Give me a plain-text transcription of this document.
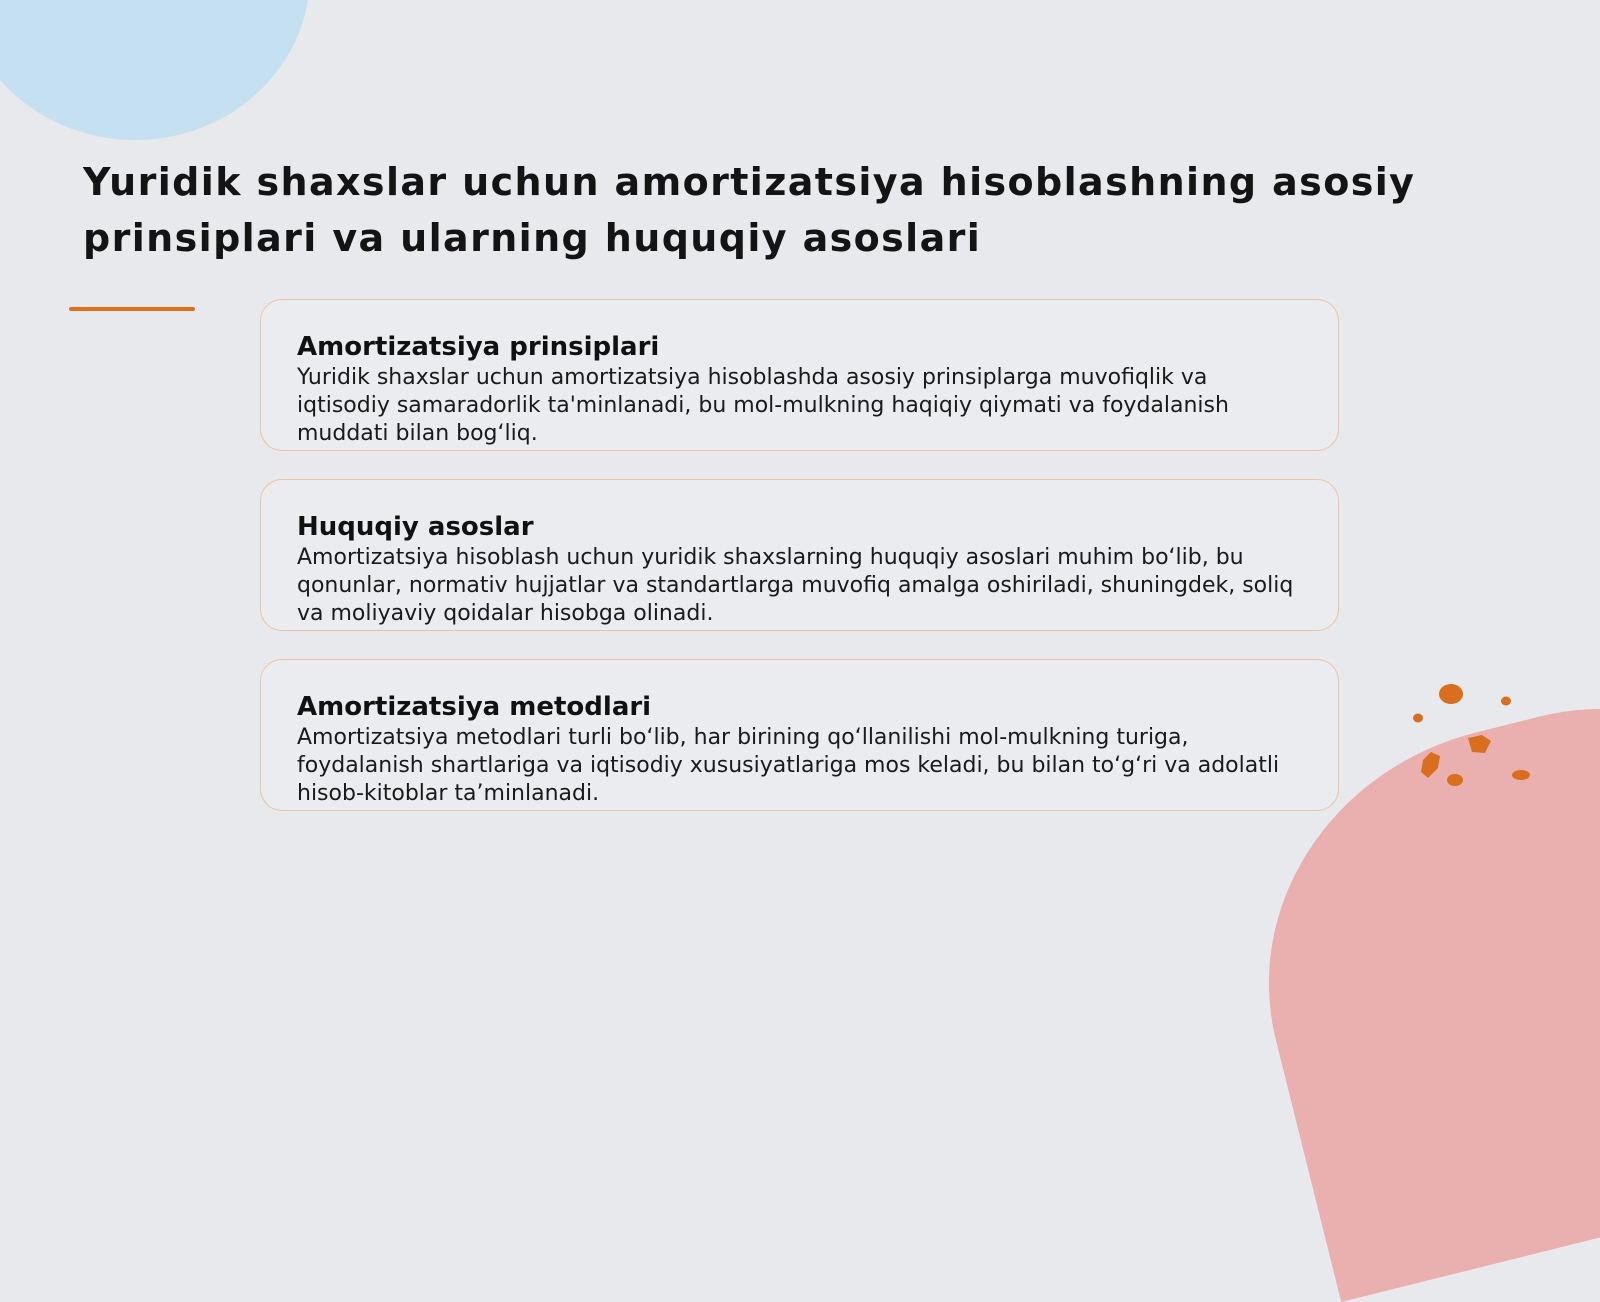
Yuridik shaxslar uchun amortizatsiya hisoblashning asosiy prinsiplari va ularning huquqiy asoslari
Amortizatsiya prinsiplari

Yuridik shaxslar uchun amortizatsiya hisoblashda asosiy prinsiplarga muvofiqlik va iqtisodiy samaradorlik ta'minlanadi, bu mol-mulkning haqiqiy qiymati va foydalanish muddati bilan bog‘liq.

Huquqiy asoslar

Amortizatsiya hisoblash uchun yuridik shaxslarning huquqiy asoslari muhim bo‘lib, bu qonunlar, normativ hujjatlar va standartlarga muvofiq amalga oshiriladi, shuningdek, soliq va moliyaviy qoidalar hisobga olinadi.

Amortizatsiya metodlari

Amortizatsiya metodlari turli bo‘lib, har birining qo‘llanilishi mol-mulkning turiga, foydalanish shartlariga va iqtisodiy xususiyatlariga mos keladi, bu bilan to‘g‘ri va adolatli hisob-kitoblar ta’minlanadi.
